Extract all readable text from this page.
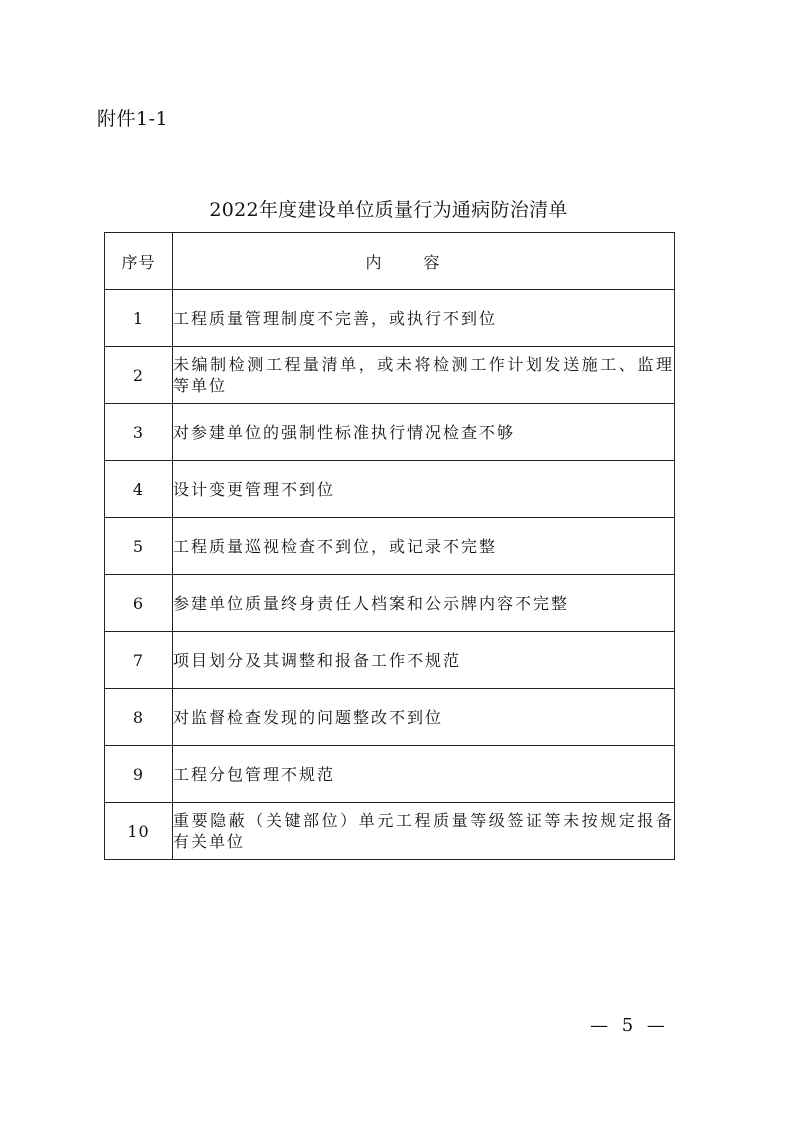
附件1-1
2022年度建设单位质量行为通病防治清单
序号	内容
1	工程质量管理制度不完善，或执行不到位
2	未编制检测工程量清单，或未将检测工作计划发送施工、监理等单位
3	对参建单位的强制性标准执行情况检查不够
4	设计变更管理不到位
5	工程质量巡视检查不到位，或记录不完整
6	参建单位质量终身责任人档案和公示牌内容不完整
7	项目划分及其调整和报备工作不规范
8	对监督检查发现的问题整改不到位
9	工程分包管理不规范
10	重要隐蔽（关键部位）单元工程质量等级签证等未按规定报备有关单位
— 5 —
